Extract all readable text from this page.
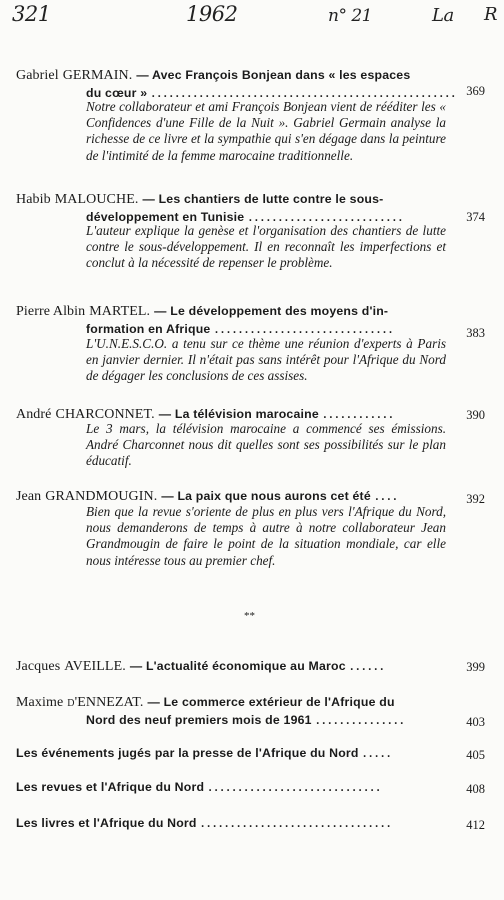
321	1962	n° 21	La R
Gabriel GERMAIN. — Avec François Bonjean dans « les espaces
du cœur » ................................................... 369
Notre collaborateur et ami François Bonjean vient de rééditer les « Confidences d'une Fille de la Nuit ». Gabriel Germain analyse la richesse de ce livre et la sympathie qui s'en dégage dans la peinture de l'intimité de la femme marocaine traditionnelle.
Habib MALOUCHE. — Les chantiers de lutte contre le sous-
développement en Tunisie ..........................	374
L'auteur explique la genèse et l'organisation des chantiers de lutte contre le sous-développement. Il en reconnaît les imperfections et conclut à la nécessité de repenser le problème.
Pierre Albin MARTEL. — Le développement des moyens d'in-
formation en Afrique ..............................	383
L'U.N.E.S.C.O. a tenu sur ce thème une réunion d'experts à Paris en janvier dernier. Il n'était pas sans intérêt pour l'Afrique du Nord de dégager les conclusions de ces assises.
André CHARCONNET. — La télévision marocaine ............	390
Le 3 mars, la télévision marocaine a commencé ses émissions. André Charconnet nous dit quelles sont ses possibilités sur le plan éducatif.
Jean GRANDMOUGIN. — La paix que nous aurons cet été ....	392
Bien que la revue s'oriente de plus en plus vers l'Afrique du Nord, nous demanderons de temps à autre à notre collaborateur Jean Grandmougin de faire le point de la situation mondiale, car elle nous intéresse tous au premier chef.
**
Jacques AVEILLE. — L'actualité économique au Maroc ......	399
Maxime d'ENNEZAT. — Le commerce extérieur de l'Afrique du
Nord des neuf premiers mois de 1961 ...............	403
Les événements jugés par la presse de l'Afrique du Nord .....	405
Les revues et l'Afrique du Nord .............................	408
Les livres et l'Afrique du Nord ................................	412
